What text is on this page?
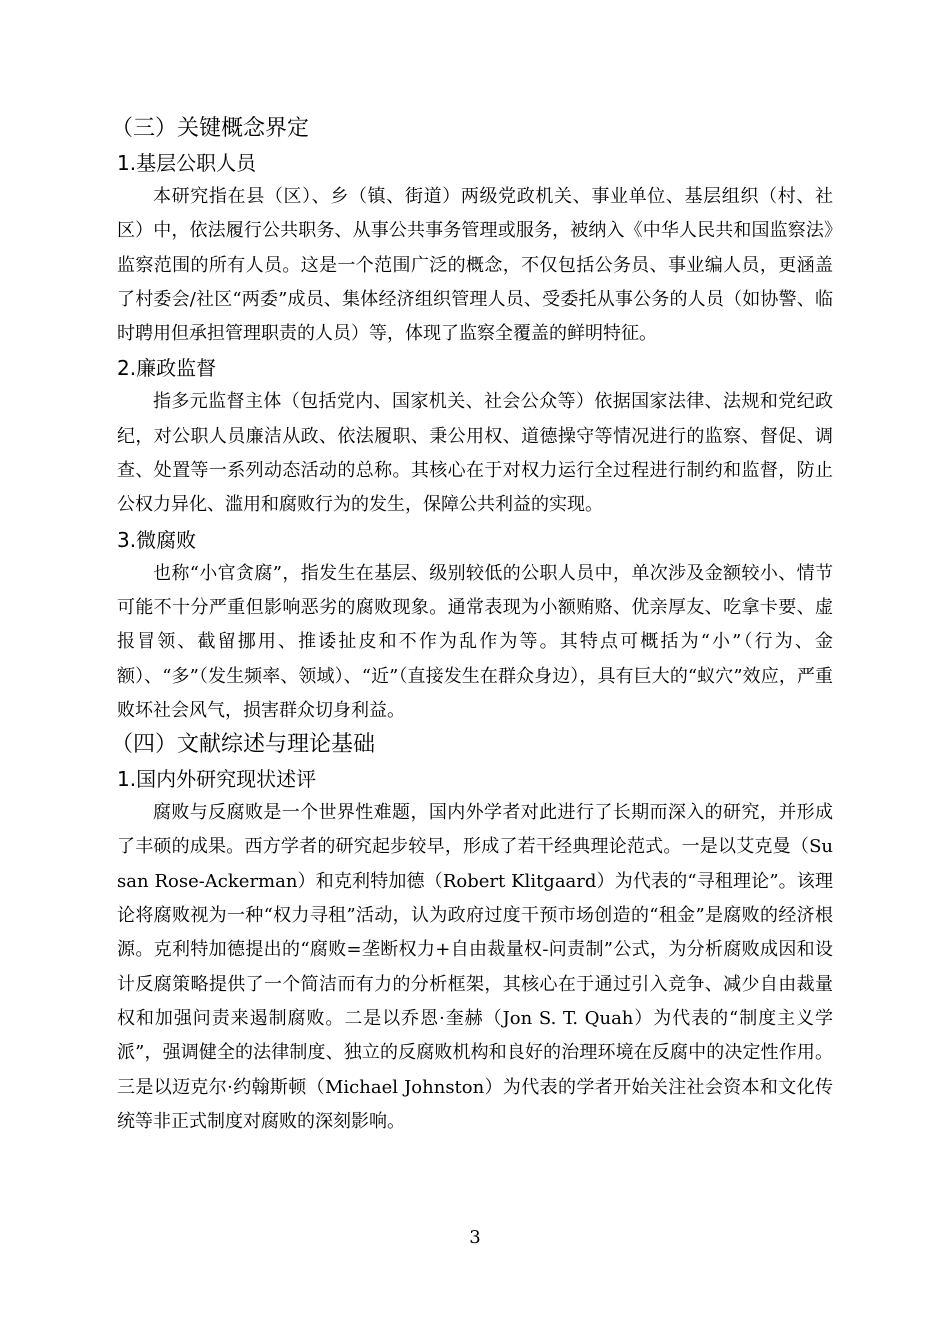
（三）关键概念界定
1.基层公职人员

本研究指在县（区）、乡（镇、街道）两级党政机关、事业单位、基层组织（村、社区）中，依法履行公共职务、从事公共事务管理或服务，被纳入《中华人民共和国监察法》监察范围的所有人员。这是一个范围广泛的概念，不仅包括公务员、事业编人员，更涵盖了村委会/社区“两委”成员、集体经济组织管理人员、受委托从事公务的人员（如协警、临时聘用但承担管理职责的人员）等，体现了监察全覆盖的鲜明特征。

2.廉政监督

指多元监督主体（包括党内、国家机关、社会公众等）依据国家法律、法规和党纪政纪，对公职人员廉洁从政、依法履职、秉公用权、道德操守等情况进行的监察、督促、调查、处置等一系列动态活动的总称。其核心在于对权力运行全过程进行制约和监督，防止公权力异化、滥用和腐败行为的发生，保障公共利益的实现。

3.微腐败

也称“小官贪腐”，指发生在基层、级别较低的公职人员中，单次涉及金额较小、情节可能不十分严重但影响恶劣的腐败现象。通常表现为小额贿赂、优亲厚友、吃拿卡要、虚报冒领、截留挪用、推诿扯皮和不作为乱作为等。其特点可概括为“小”（行为、金额）、“多”（发生频率、领域）、“近”（直接发生在群众身边），具有巨大的“蚁穴”效应，严重败坏社会风气，损害群众切身利益。

（四）文献综述与理论基础
1.国内外研究现状述评

腐败与反腐败是一个世界性难题，国内外学者对此进行了长期而深入的研究，并形成了丰硕的成果。西方学者的研究起步较早，形成了若干经典理论范式。一是以艾克曼（Susan Rose-Ackerman）和克利特加德（Robert Klitgaard）为代表的“寻租理论”。该理论将腐败视为一种“权力寻租”活动，认为政府过度干预市场创造的“租金”是腐败的经济根源。克利特加德提出的“腐败=垄断权力+自由裁量权-问责制”公式，为分析腐败成因和设计反腐策略提供了一个简洁而有力的分析框架，其核心在于通过引入竞争、减少自由裁量权和加强问责来遏制腐败。二是以乔恩·奎赫（Jon S. T. Quah）为代表的“制度主义学派”，强调健全的法律制度、独立的反腐败机构和良好的治理环境在反腐中的决定性作用。三是以迈克尔·约翰斯顿（Michael Johnston）为代表的学者开始关注社会资本和文化传统等非正式制度对腐败的深刻影响。

3
